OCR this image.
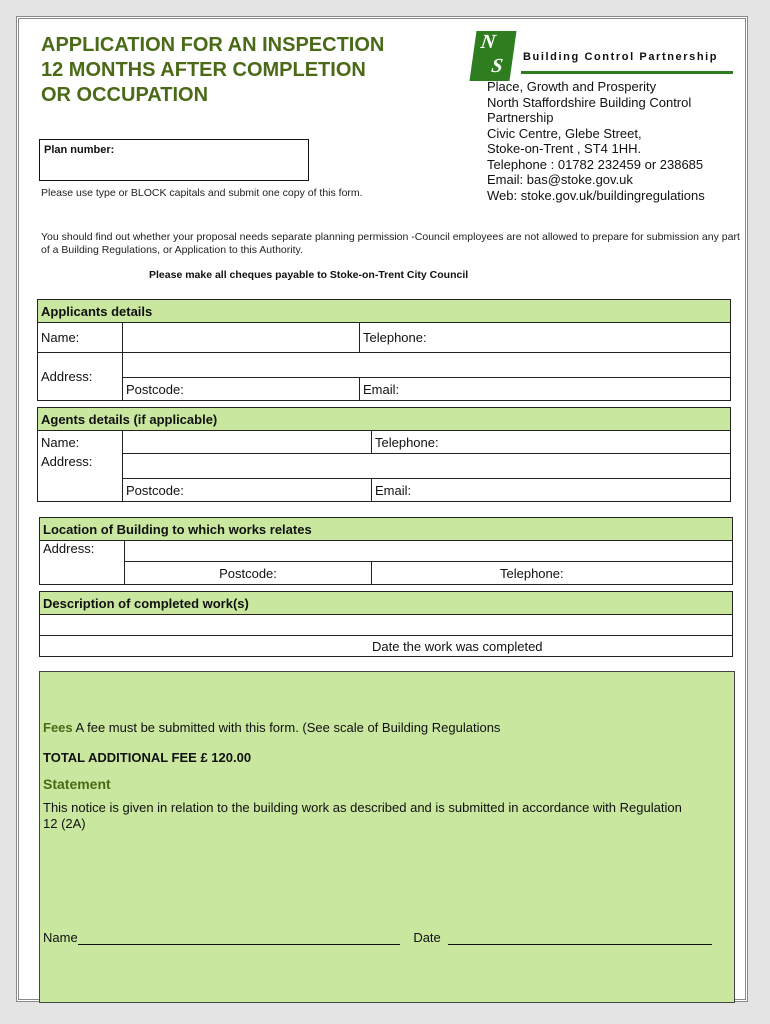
APPLICATION FOR AN INSPECTION
12 MONTHS AFTER COMPLETION
OR OCCUPATION
N
S Building Control Partnership
Place, Growth and Prosperity
North Staffordshire Building Control
Partnership
Civic Centre, Glebe Street,
Stoke-on-Trent , ST4 1HH.
Telephone : 01782 232459 or 238685
Email: bas@stoke.gov.uk
Web: stoke.gov.uk/buildingregulations
Plan number:
Please use type or BLOCK capitals and submit one copy of this form.
You should find out whether your proposal needs separate planning permission -Council employees are not allowed to prepare for submission any part of a Building Regulations, or Application to this Authority.
Please make all cheques payable to Stoke-on-Trent City Council
Applicants details		
Name:		Telephone:
Address:		
	Postcode:	Email:
Agents details (if applicable)		
Name:		Telephone:
Address:		
	Postcode:	Email:
Location of Building to which works relates		
Address:		
	Postcode:	Telephone:
Description of completed work(s)

Date the work was completed
Fees A fee must be submitted with this form. (See scale of Building Regulations
TOTAL ADDITIONAL FEE £ 120.00
Statement
This notice is given in relation to the building work as described and is submitted in accordance with Regulation 12 (2A)
Name	Date
